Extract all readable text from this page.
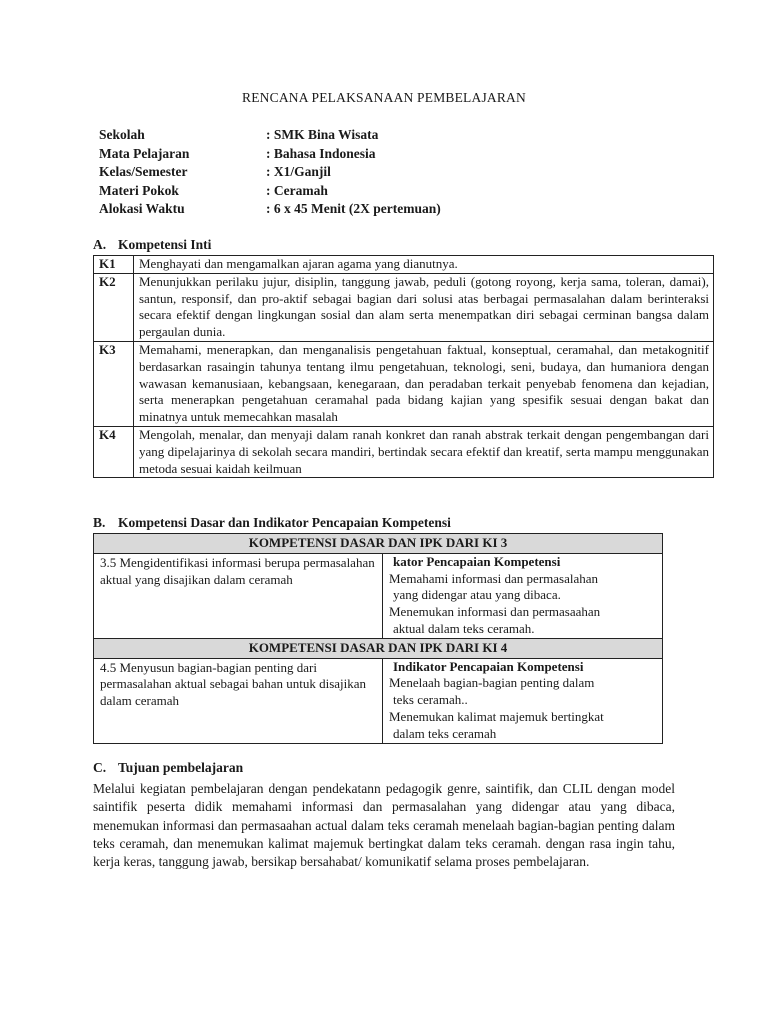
RENCANA PELAKSANAAN PEMBELAJARAN
Sekolah	: SMK Bina Wisata
Mata Pelajaran	: Bahasa Indonesia
Kelas/Semester	: X1/Ganjil
Materi Pokok	: Ceramah
Alokasi Waktu	: 6 x 45 Menit (2X pertemuan)
A. Kompetensi Inti
K1	Menghayati dan mengamalkan ajaran agama yang dianutnya.
K2	Menunjukkan perilaku jujur, disiplin, tanggung jawab, peduli (gotong royong, kerja sama, toleran, damai), santun, responsif, dan pro-aktif sebagai bagian dari solusi atas berbagai permasalahan dalam berinteraksi secara efektif dengan lingkungan sosial dan alam serta menempatkan diri sebagai cerminan bangsa dalam pergaulan dunia.
K3	Memahami, menerapkan, dan menganalisis pengetahuan faktual, konseptual, ceramahal, dan metakognitif berdasarkan rasaingin tahunya tentang ilmu pengetahuan, teknologi, seni, budaya, dan humaniora dengan wawasan kemanusiaan, kebangsaan, kenegaraan, dan peradaban terkait penyebab fenomena dan kejadian, serta menerapkan pengetahuan ceramahal pada bidang kajian yang spesifik sesuai dengan bakat dan minatnya untuk memecahkan masalah
K4	Mengolah, menalar, dan menyaji dalam ranah konkret dan ranah abstrak terkait dengan pengembangan dari yang dipelajarinya di sekolah secara mandiri, bertindak secara efektif dan kreatif, serta mampu menggunakan metoda sesuai kaidah keilmuan
B. Kompetensi Dasar dan Indikator Pencapaian Kompetensi
KOMPETENSI DASAR DAN IPK DARI KI 3	
3.5 Mengidentifikasi informasi berupa permasalahan aktual yang disajikan dalam ceramah	kator Pencapaian Kompetensi
Memahami informasi dan permasalahan
yang didengar atau yang dibaca.
Menemukan informasi dan permasaahan
aktual dalam teks ceramah.

KOMPETENSI DASAR DAN IPK DARI KI 4	
4.5 Menyusun bagian-bagian penting dari permasalahan aktual sebagai bahan untuk disajikan dalam ceramah	Indikator Pencapaian Kompetensi
Menelaah bagian-bagian penting dalam
teks ceramah..
Menemukan kalimat majemuk bertingkat
dalam teks ceramah
C. Tujuan pembelajaran
Melalui kegiatan pembelajaran dengan pendekatann pedagogik genre, saintifik, dan CLIL dengan model saintifik peserta didik memahami informasi dan permasalahan yang didengar atau yang dibaca, menemukan informasi dan permasaahan actual dalam teks ceramah menelaah bagian-bagian penting dalam teks ceramah, dan menemukan kalimat majemuk bertingkat dalam teks ceramah. dengan rasa ingin tahu, kerja keras, tanggung jawab, bersikap bersahabat/ komunikatif selama proses pembelajaran.
